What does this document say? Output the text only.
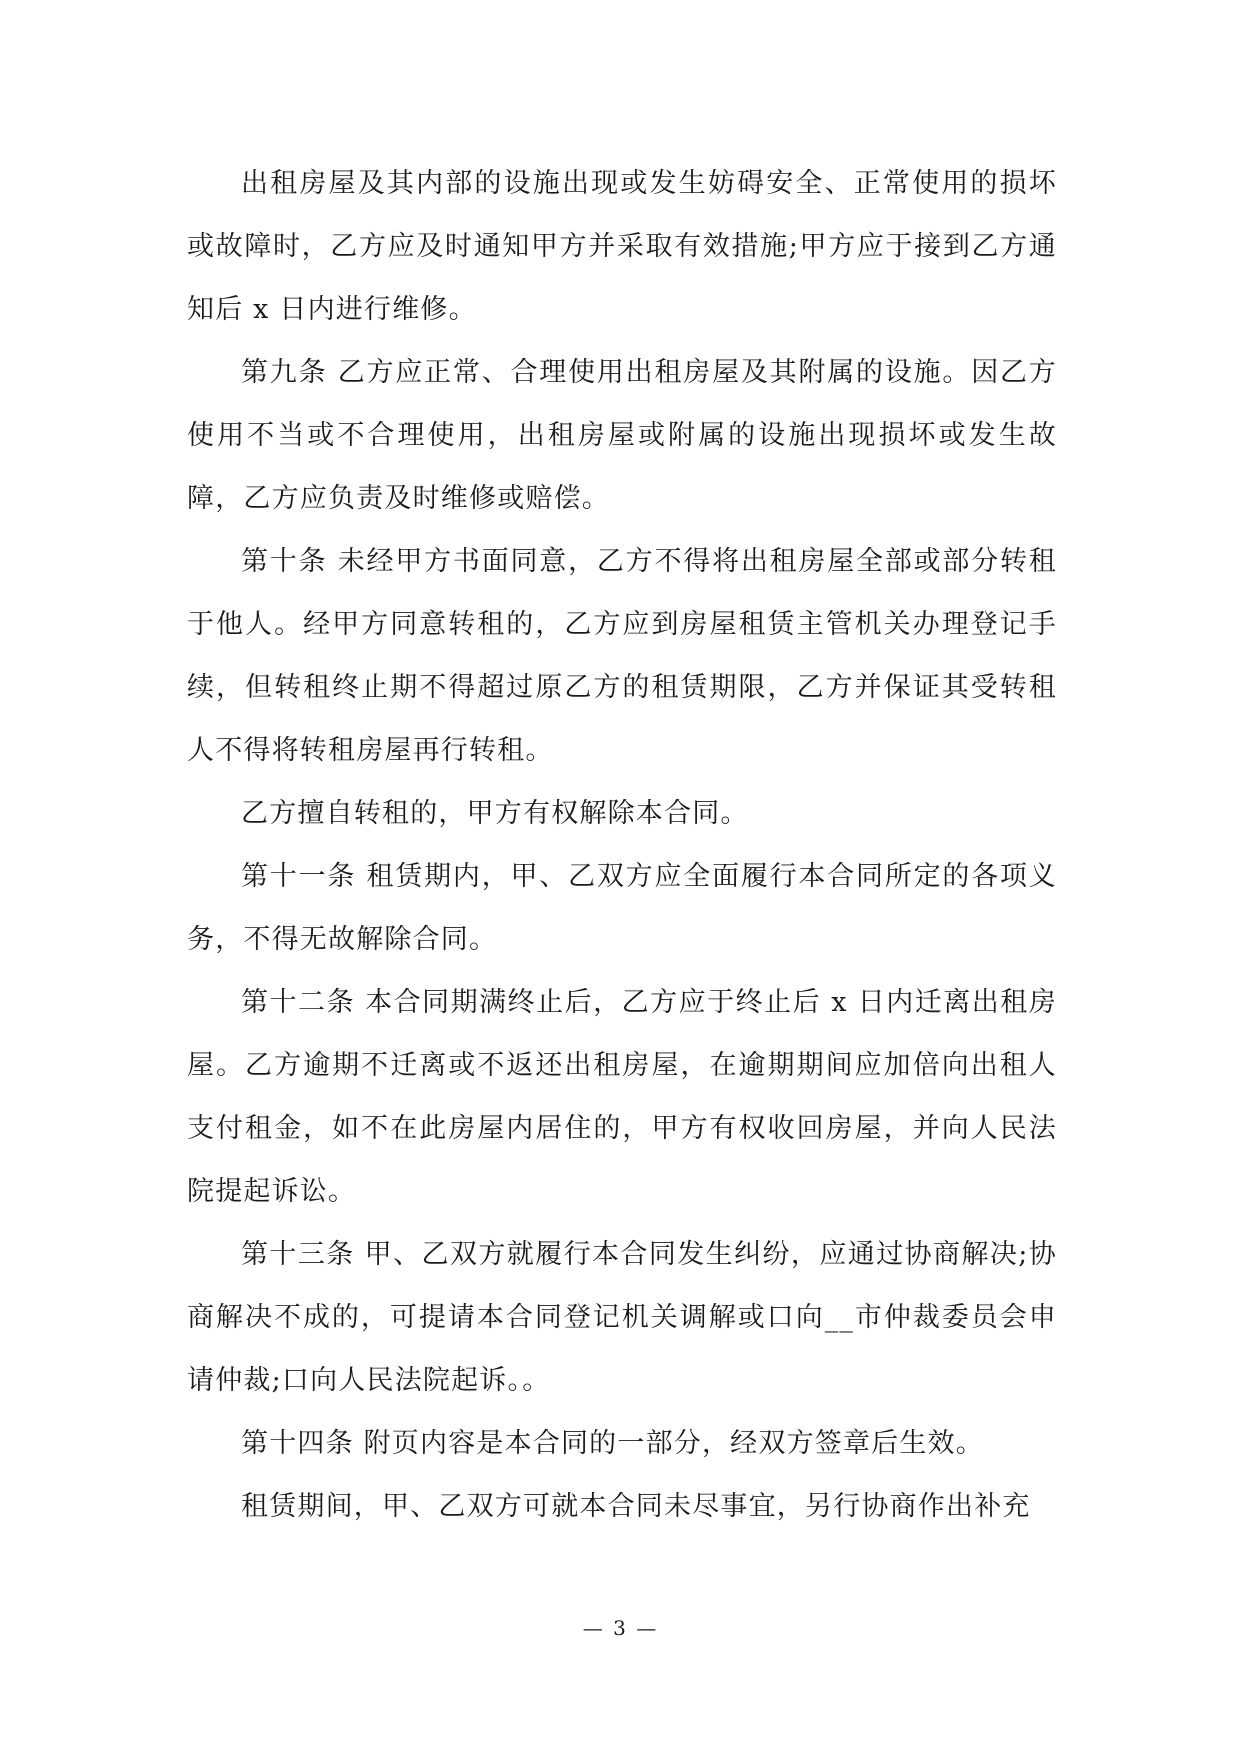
出租房屋及其内部的设施出现或发生妨碍安全、正常使用的损坏或故障时，乙方应及时通知甲方并采取有效措施;甲方应于接到乙方通知后 x 日内进行维修。

第九条 乙方应正常、合理使用出租房屋及其附属的设施。因乙方使用不当或不合理使用，出租房屋或附属的设施出现损坏或发生故障，乙方应负责及时维修或赔偿。

第十条 未经甲方书面同意，乙方不得将出租房屋全部或部分转租于他人。经甲方同意转租的，乙方应到房屋租赁主管机关办理登记手续，但转租终止期不得超过原乙方的租赁期限，乙方并保证其受转租人不得将转租房屋再行转租。

乙方擅自转租的，甲方有权解除本合同。

第十一条 租赁期内，甲、乙双方应全面履行本合同所定的各项义务，不得无故解除合同。

第十二条 本合同期满终止后，乙方应于终止后 x 日内迁离出租房屋。乙方逾期不迁离或不返还出租房屋，在逾期期间应加倍向出租人支付租金，如不在此房屋内居住的，甲方有权收回房屋，并向人民法院提起诉讼。

第十三条 甲、乙双方就履行本合同发生纠纷，应通过协商解决;协商解决不成的，可提请本合同登记机关调解或口向__市仲裁委员会申请仲裁;口向人民法院起诉。。

第十四条 附页内容是本合同的一部分，经双方签章后生效。

租赁期间，甲、乙双方可就本合同未尽事宜，另行协商作出补充

— 3 —
